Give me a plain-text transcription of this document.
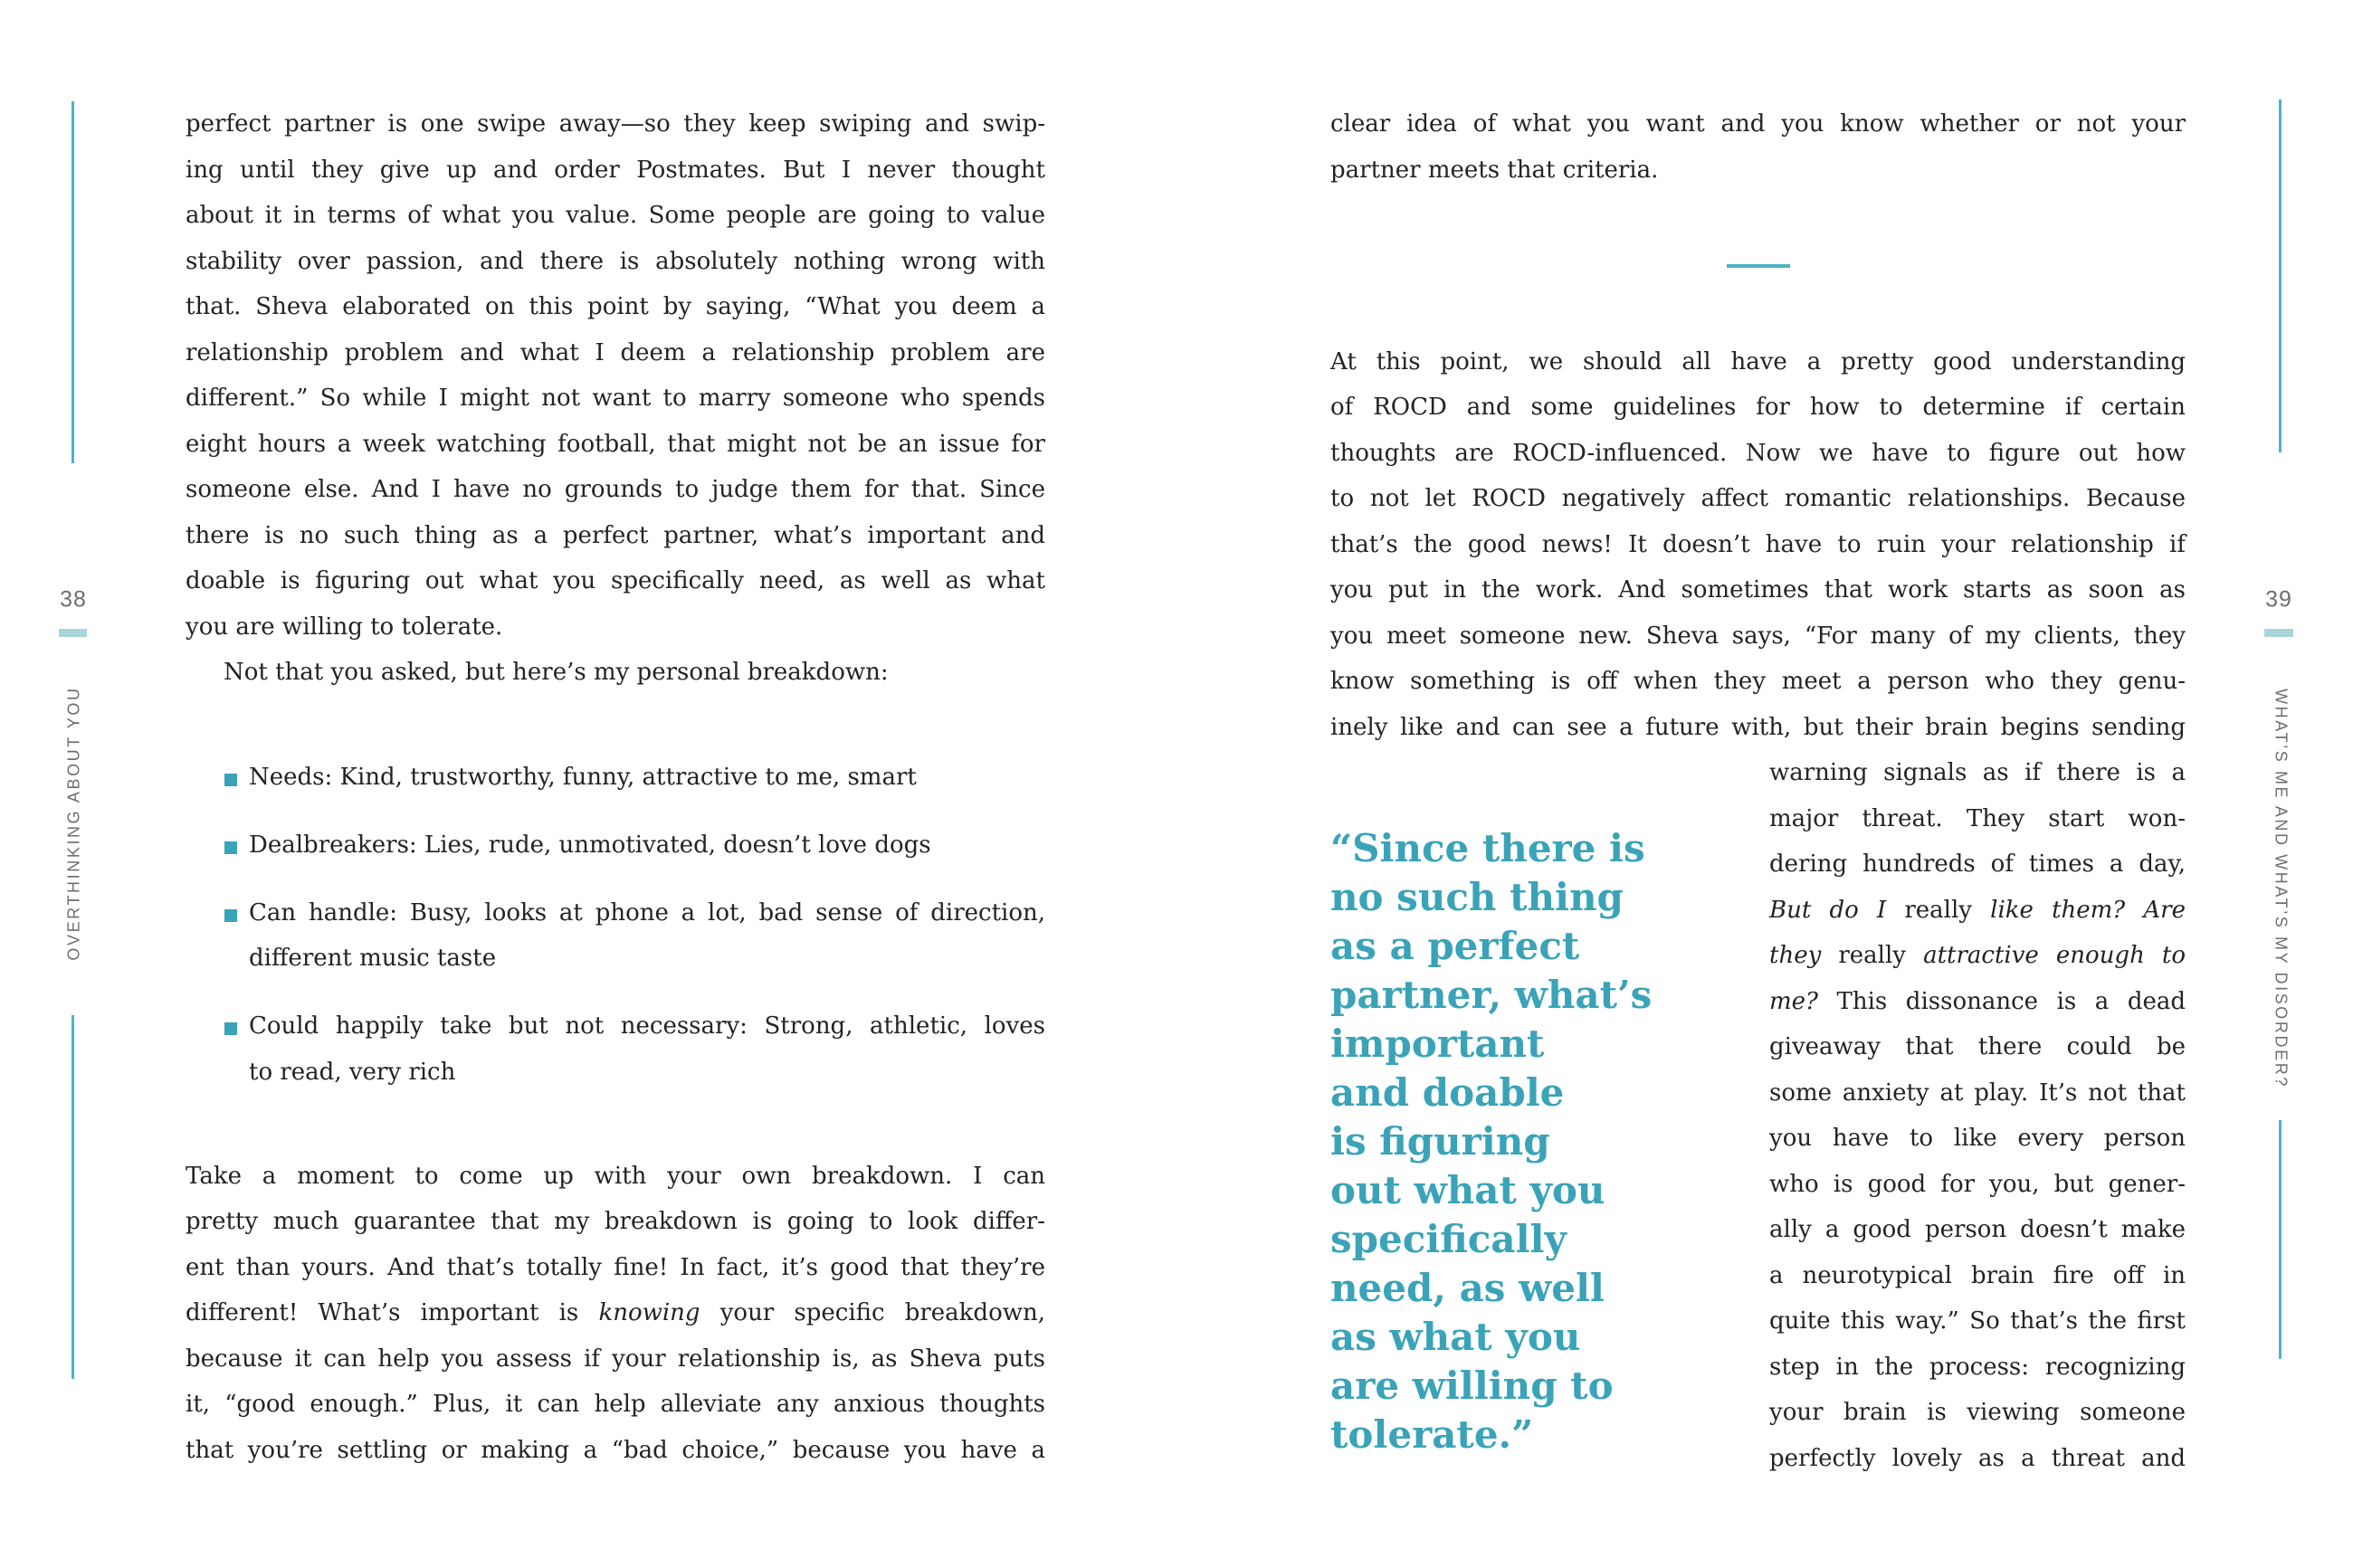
38
OVERTHINKING ABOUT YOU
perfect partner is one swipe away—so they keep swiping and swip-
ing until they give up and order Postmates. But I never thought
about it in terms of what you value. Some people are going to value
stability over passion, and there is absolutely nothing wrong with
that. Sheva elaborated on this point by saying, “What you deem a
relationship problem and what I deem a relationship problem are
different.” So while I might not want to marry someone who spends
eight hours a week watching football, that might not be an issue for
someone else. And I have no grounds to judge them for that. Since
there is no such thing as a perfect partner, what’s important and
doable is figuring out what you specifically need, as well as what
you are willing to tolerate.
Not that you asked, but here’s my personal breakdown:
Needs: Kind, trustworthy, funny, attractive to me, smart
Dealbreakers: Lies, rude, unmotivated, doesn’t love dogs
Can handle: Busy, looks at phone a lot, bad sense of direction,
different music taste
Could happily take but not necessary: Strong, athletic, loves
to read, very rich
Take a moment to come up with your own breakdown. I can
pretty much guarantee that my breakdown is going to look differ-
ent than yours. And that’s totally fine! In fact, it’s good that they’re
different! What’s important is knowing your specific breakdown,
because it can help you assess if your relationship is, as Sheva puts
it, “good enough.” Plus, it can help alleviate any anxious thoughts
that you’re settling or making a “bad choice,” because you have a
clear idea of what you want and you know whether or not your
partner meets that criteria.
At this point, we should all have a pretty good understanding
of ROCD and some guidelines for how to determine if certain
thoughts are ROCD-influenced. Now we have to figure out how
to not let ROCD negatively affect romantic relationships. Because
that’s the good news! It doesn’t have to ruin your relationship if
you put in the work. And sometimes that work starts as soon as
you meet someone new. Sheva says, “For many of my clients, they
know something is off when they meet a person who they genu-
inely like and can see a future with, but their brain begins sending
“Since there is
no such thing
as a perfect
partner, what’s
important
and doable
is figuring
out what you
specifically
need, as well
as what you
are willing to
tolerate.”
warning signals as if there is a
major threat. They start won-
dering hundreds of times a day,
But do I really like them? Are
they really attractive enough to
me? This dissonance is a dead
giveaway that there could be
some anxiety at play. It’s not that
you have to like every person
who is good for you, but gener-
ally a good person doesn’t make
a neurotypical brain fire off in
quite this way.” So that’s the first
step in the process: recognizing
your brain is viewing someone
perfectly lovely as a threat and
39
WHAT’S ME AND WHAT’S MY DISORDER?
